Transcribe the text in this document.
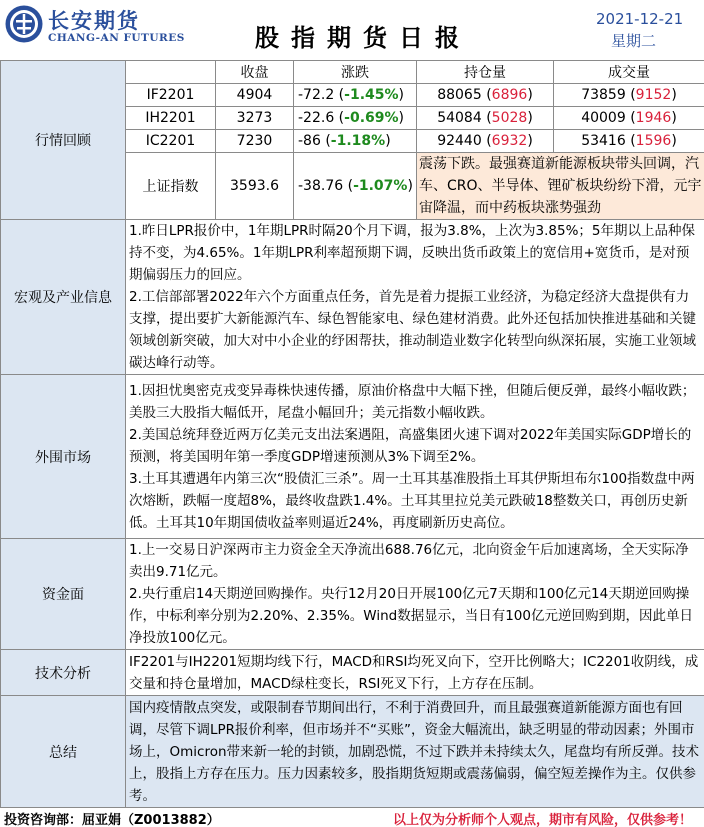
长安期货
CHANG-AN FUTURES	股指期货日报
2021-12-21
星期二
行情回顾		收盘	涨跌	持仓量	成交量	
	IF2201	4904	-72.2 (-1.45%)	88065 (6896)	73859 (9152)	
	IH2201	3273	-22.6 (-0.69%)	54084 (5028)	40009 (1946)	
	IC2201	7230	-86 (-1.18%)	92440 (6932)	53416 (1596)	
	上证指数	3593.6	-38.76 (-1.07%)	震荡下跌。最强赛道新能源板块带头回调，汽车、CRO、半导体、锂矿板块纷纷下滑，元宇宙降温，而中药板块涨势强劲		
宏观及产业信息	1.昨日LPR报价中，1年期LPR时隔20个月下调，报为3.8%，上次为3.85%；5年期以上品种保持不变，为4.65%。1年期LPR利率超预期下调，反映出货币政策上的宽信用+宽货币，是对预期偏弱压力的回应。
2.工信部部署2022年六个方面重点任务，首先是着力提振工业经济，为稳定经济大盘提供有力支撑，提出要扩大新能源汽车、绿色智能家电、绿色建材消费。此外还包括加快推进基础和关键领域创新突破，加大对中小企业的纾困帮扶，推动制造业数字化转型向纵深拓展，实施工业领域碳达峰行动等。					

外围市场	1.因担忧奥密克戎变异毒株快速传播，原油价格盘中大幅下挫，但随后便反弹，最终小幅收跌；美股三大股指大幅低开，尾盘小幅回升；美元指数小幅收跌。
2.美国总统拜登近两万亿美元支出法案遇阻，高盛集团火速下调对2022年美国实际GDP增长的预测，将美国明年第一季度GDP增速预测从3%下调至2%。
3.土耳其遭遇年内第三次“股债汇三杀”。周一土耳其基准股指土耳其伊斯坦布尔100指数盘中两次熔断，跌幅一度超8%，最终收盘跌1.4%。土耳其里拉兑美元跌破18整数关口，再创历史新低。土耳其10年期国债收益率则逼近24%，再度刷新历史高位。					

资金面	1.上一交易日沪深两市主力资金全天净流出688.76亿元，北向资金午后加速离场，全天实际净卖出9.71亿元。
2.央行重启14天期逆回购操作。央行12月20日开展100亿元7天期和100亿元14天期逆回购操作，中标利率分别为2.20%、2.35%。Wind数据显示，当日有100亿元逆回购到期，因此单日净投放100亿元。					

技术分析	IF2201与IH2201短期均线下行，MACD和RSI均死叉向下，空开比例略大；IC2201收阴线，成交量和持仓量增加，MACD绿柱变长，RSI死叉下行，上方存在压制。					
总结	国内疫情散点突发，或限制春节期间出行，不利于消费回升，而且最强赛道新能源方面也有回调，尽管下调LPR报价利率，但市场并不“买账”，资金大幅流出，缺乏明显的带动因素；外围市场上，Omicron带来新一轮的封锁，加剧恐慌，不过下跌并未持续太久，尾盘均有所反弹。技术上，股指上方存在压力。压力因素较多，股指期货短期或震荡偏弱，偏空短差操作为主。仅供参考。					
投资咨询部：屈亚娟（Z0013882）	以上仅为分析师个人观点，期市有风险，仅供参考！
